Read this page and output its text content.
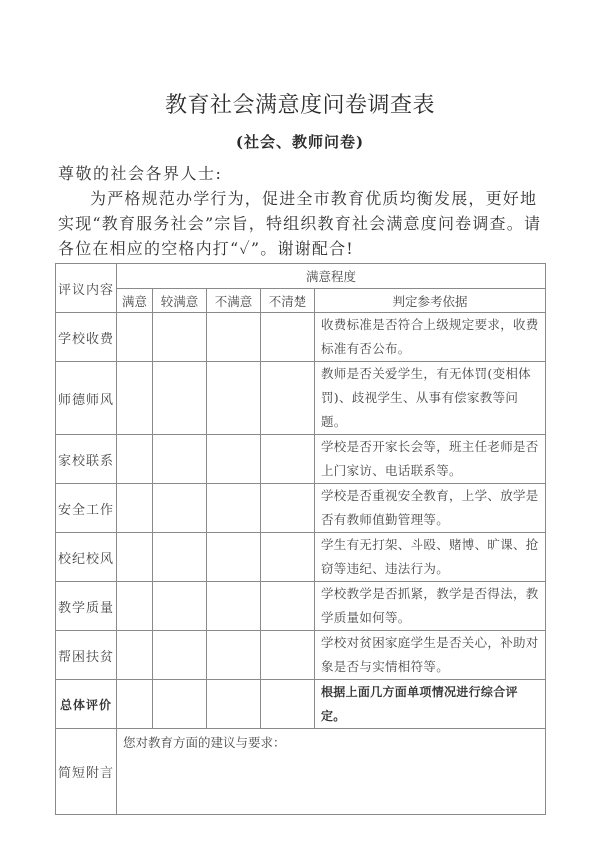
教育社会满意度问卷调查表
(社会、教师问卷)
尊敬的社会各界人士:
为严格规范办学行为，促进全市教育优质均衡发展，更好地实现“教育服务社会”宗旨，特组织教育社会满意度问卷调查。请各位在相应的空格内打“✓”。谢谢配合!
评议内容	满意程度				
	满意	较满意	不满意	不清楚	判定参考依据
学校收费					收费标准是否符合上级规定要求，收费标准有否公布。
师德师风					教师是否关爱学生，有无体罚(变相体罚)、歧视学生、从事有偿家教等问题。
家校联系					学校是否开家长会等，班主任老师是否上门家访、电话联系等。
安全工作					学校是否重视安全教育，上学、放学是否有教师值勤管理等。
校纪校风					学生有无打架、斗殴、赌博、旷课、抢窃等违纪、违法行为。
教学质量					学校教学是否抓紧，教学是否得法，教学质量如何等。
帮困扶贫					学校对贫困家庭学生是否关心，补助对象是否与实情相符等。
总体评价					根据上面几方面单项情况进行综合评定。
简短附言	您对教育方面的建议与要求：				
